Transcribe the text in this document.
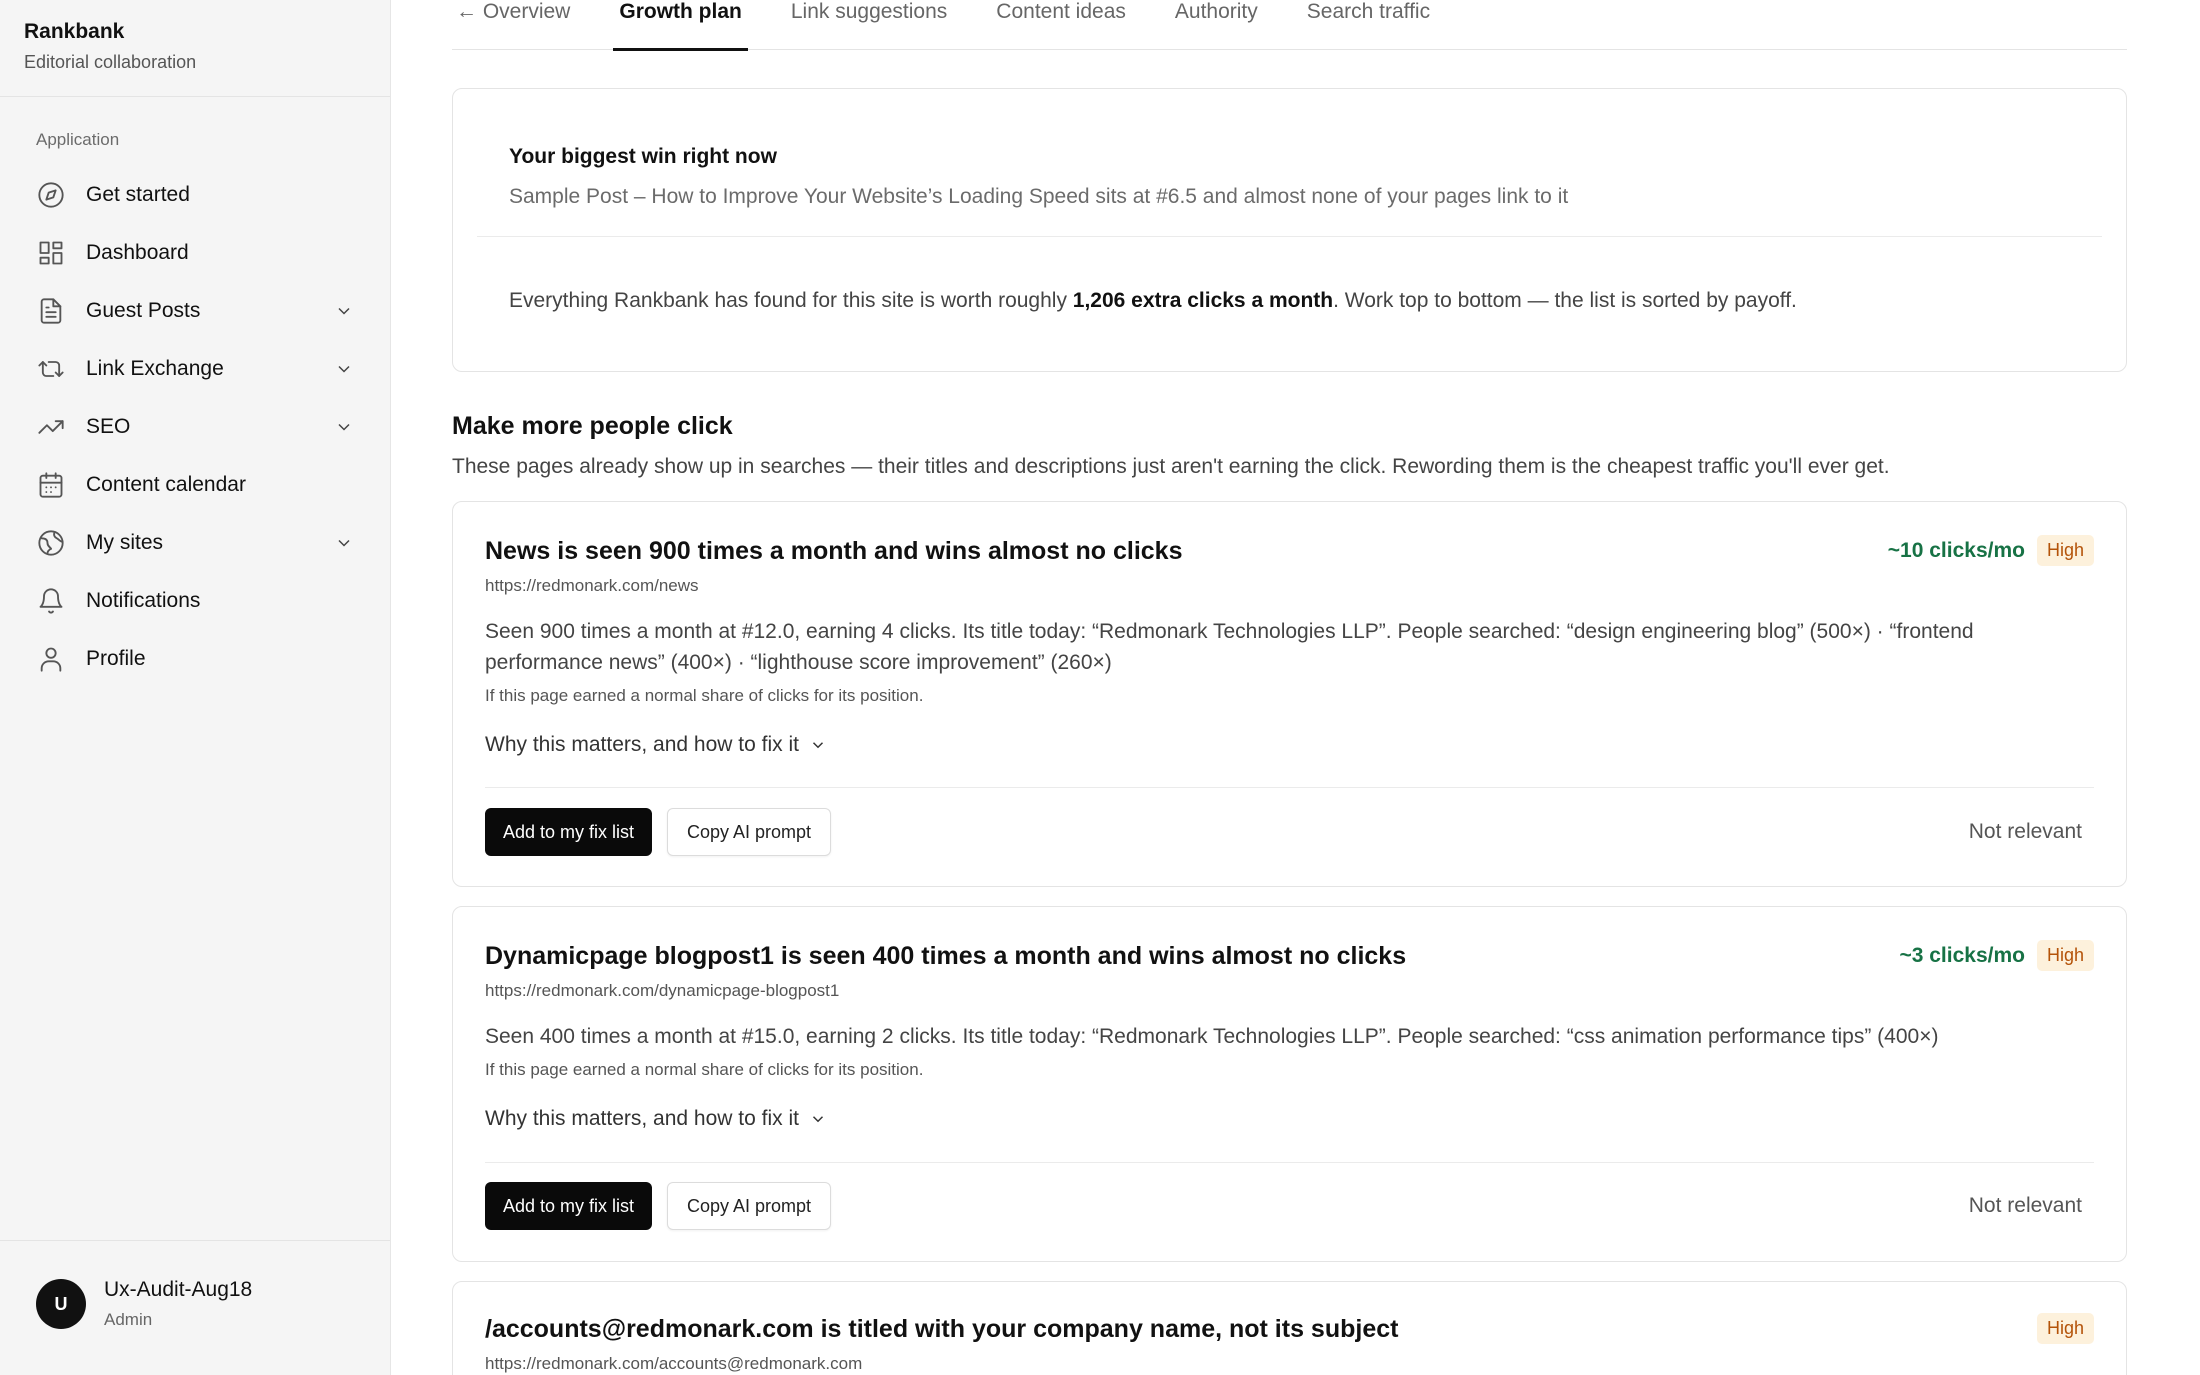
Rankbank
Editorial collaboration
Application
Get started
Dashboard
Guest Posts
Link Exchange
SEO
Content calendar
My sites
Notifications
Profile
U
Ux-Audit-Aug18
Admin
← Overview Growth plan Link suggestions Content ideas Authority Search traffic
Your biggest win right now
Sample Post – How to Improve Your Website’s Loading Speed sits at #6.5 and almost none of your pages link to it
Everything Rankbank has found for this site is worth roughly 1,206 extra clicks a month. Work top to bottom — the list is sorted by payoff.
Make more people click

These pages already show up in searches — their titles and descriptions just aren't earning the click. Rewording them is the cheapest traffic you'll ever get.

News is seen 900 times a month and wins almost no clicks	~10 clicks/mo	High
https://redmonark.com/news
Seen 900 times a month at #12.0, earning 4 clicks. Its title today: “Redmonark Technologies LLP”. People searched: “design engineering blog” (500×) · “frontend performance news” (400×) · “lighthouse score improvement” (260×)
If this page earned a normal share of clicks for its position.
Why this matters, and how to fix it
Add to my fix list	Copy AI prompt	Not relevant
Dynamicpage blogpost1 is seen 400 times a month and wins almost no clicks	~3 clicks/mo	High
https://redmonark.com/dynamicpage-blogpost1
Seen 400 times a month at #15.0, earning 2 clicks. Its title today: “Redmonark Technologies LLP”. People searched: “css animation performance tips” (400×)
If this page earned a normal share of clicks for its position.
Why this matters, and how to fix it
Add to my fix list	Copy AI prompt	Not relevant
/accounts@redmonark.com is titled with your company name, not its subject	High
https://redmonark.com/accounts@redmonark.com
